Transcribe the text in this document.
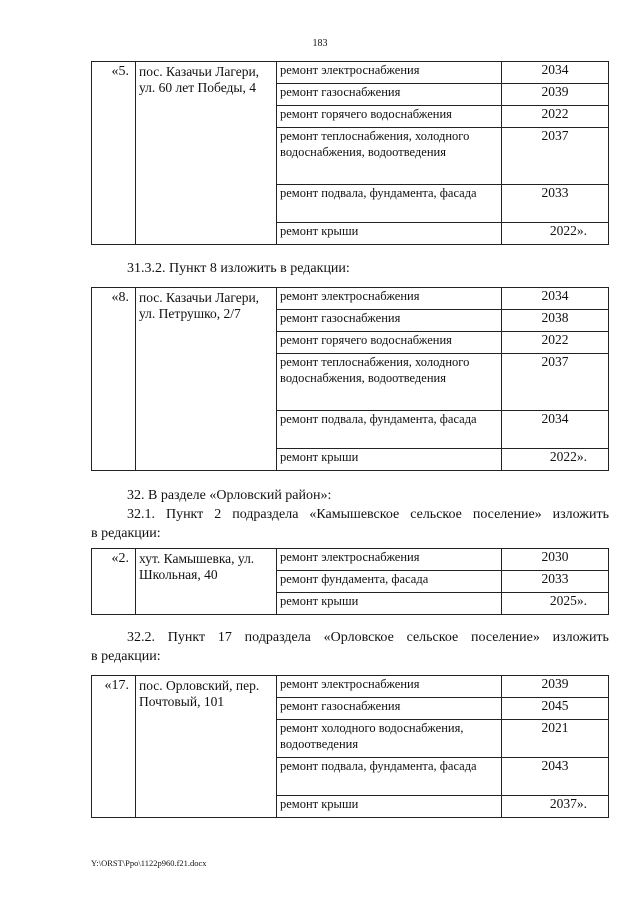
183
«5.	пос. Казачьи Лагери, ул. 60 лет Победы, 4	ремонт электроснабжения	2034
		ремонт газоснабжения	2039
		ремонт горячего водоснабжения	2022
		ремонт теплоснабжения, холодного водоснабжения, водоотведения	2037
		ремонт подвала, фундамента, фасада	2033
		ремонт крыши	2022».
31.3.2. Пункт 8 изложить в редакции:
«8.	пос. Казачьи Лагери, ул. Петрушко, 2/7	ремонт электроснабжения	2034
		ремонт газоснабжения	2038
		ремонт горячего водоснабжения	2022
		ремонт теплоснабжения, холодного водоснабжения, водоотведения	2037
		ремонт подвала, фундамента, фасада	2034
		ремонт крыши	2022».
32. В разделе «Орловский район»:
32.1. Пункт 2 подраздела «Камышевское сельское поселение» изложить
в редакции:
«2.	хут. Камышевка, ул. Школьная, 40	ремонт электроснабжения	2030
		ремонт фундамента, фасада	2033
		ремонт крыши	2025».
32.2. Пункт 17 подраздела «Орловское сельское поселение» изложить
в редакции:
«17.	пос. Орловский, пер. Почтовый, 101	ремонт электроснабжения	2039
		ремонт газоснабжения	2045
		ремонт холодного водоснабжения, водоотведения	2021
		ремонт подвала, фундамента, фасада	2043
		ремонт крыши	2037».
Y:\ORST\Ppo\1122p960.f21.docx
